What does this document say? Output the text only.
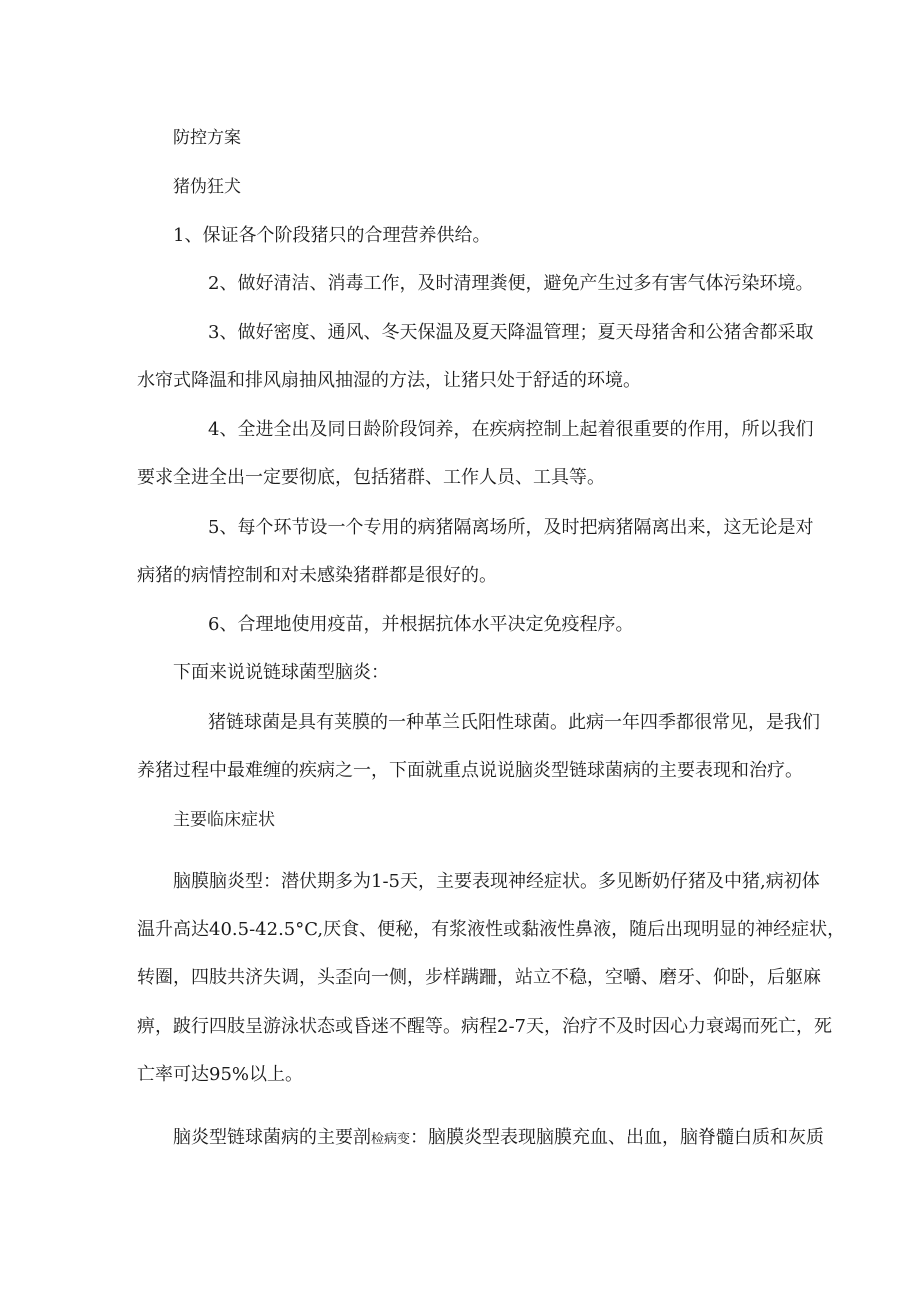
防控方案

猪伪狂犬

1、保证各个阶段猪只的合理营养供给。

2、做好清洁、消毒工作，及时清理粪便，避免产生过多有害气体污染环境。

3、做好密度、通风、冬天保温及夏天降温管理；夏天母猪舍和公猪舍都采取

水帘式降温和排风扇抽风抽湿的方法，让猪只处于舒适的环境。

4、全进全出及同日龄阶段饲养，在疾病控制上起着很重要的作用，所以我们

要求全进全出一定要彻底，包括猪群、工作人员、工具等。

5、每个环节设一个专用的病猪隔离场所，及时把病猪隔离出来，这无论是对

病猪的病情控制和对未感染猪群都是很好的。

6、合理地使用疫苗，并根据抗体水平决定免疫程序。

下面来说说链球菌型脑炎：

猪链球菌是具有荚膜的一种革兰氏阳性球菌。此病一年四季都很常见，是我们

养猪过程中最难缠的疾病之一，下面就重点说说脑炎型链球菌病的主要表现和治疗。

主要临床症状

脑膜脑炎型：潜伏期多为1-5天，主要表现神经症状。多见断奶仔猪及中猪,病初体

温升高达40.5-42.5°C,厌食、便秘，有浆液性或黏液性鼻液，随后出现明显的神经症状，

转圈，四肢共济失调，头歪向一侧，步样蹒跚，站立不稳，空嚼、磨牙、仰卧，后躯麻

痹，跛行四肢呈游泳状态或昏迷不醒等。病程2-7天，治疗不及时因心力衰竭而死亡，死

亡率可达95%以上。

脑炎型链球菌病的主要剖检病变：脑膜炎型表现脑膜充血、出血，脑脊髓白质和灰质
